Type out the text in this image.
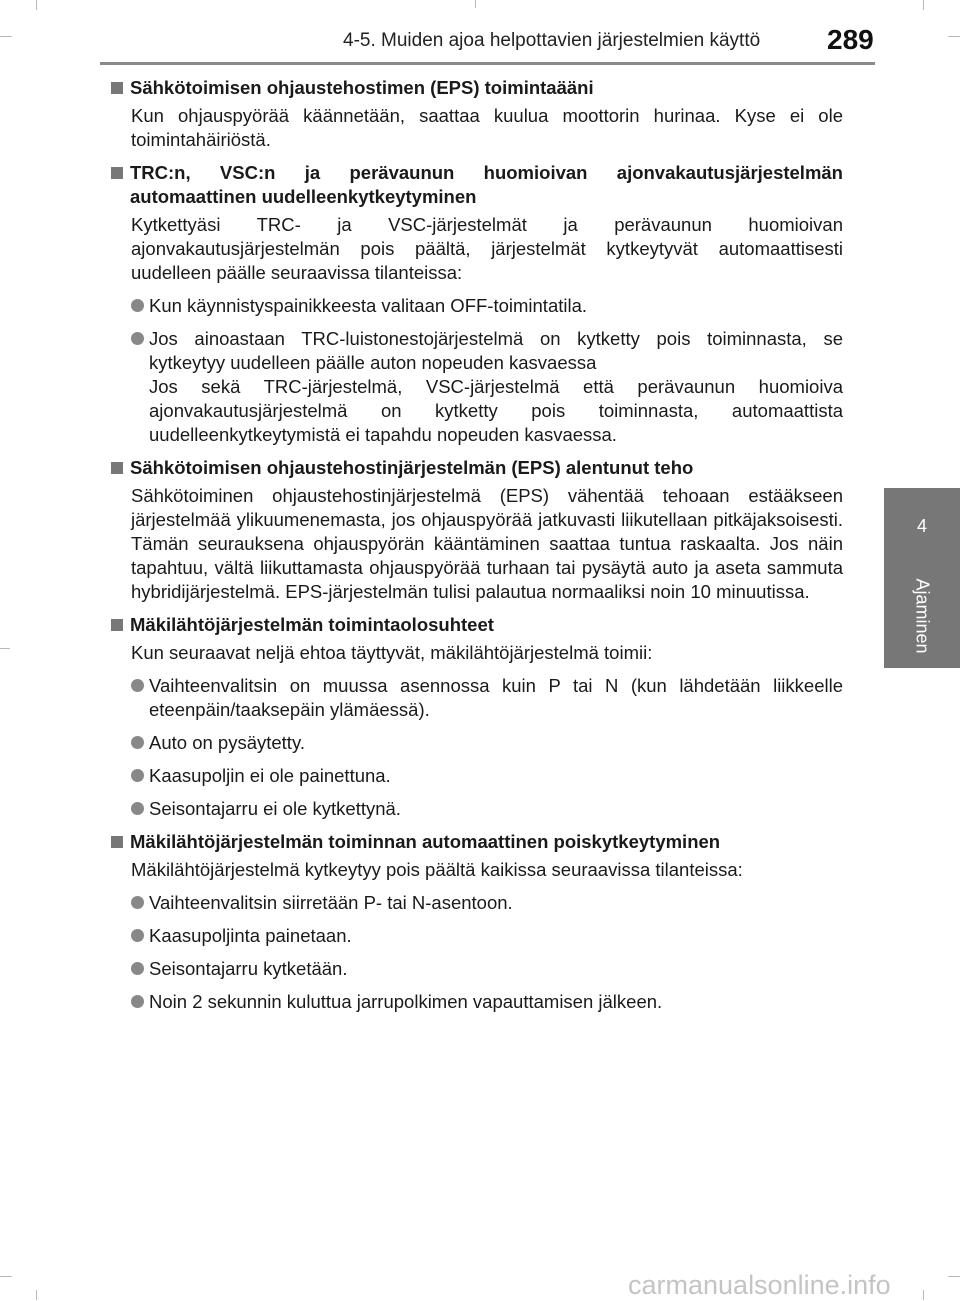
4-5. Muiden ajoa helpottavien järjestelmien käyttö 289
4
Ajaminen
Sähkötoimisen ohjaustehostimen (EPS) toimintaääni
Kun ohjauspyörää käännetään, saattaa kuulua moottorin hurinaa. Kyse ei ole toimintahäiriöstä.
TRC:n, VSC:n ja perävaunun huomioivan ajonvakautusjärjestelmän automaattinen uudelleenkytkeytyminen
Kytkettyäsi TRC- ja VSC-järjestelmät ja perävaunun huomioivan ajonvakautusjärjestelmän pois päältä, järjestelmät kytkeytyvät automaattisesti uudelleen päälle seuraavissa tilanteissa:
Kun käynnistyspainikkeesta valitaan OFF-toimintatila.
Jos ainoastaan TRC-luistonestojärjestelmä on kytketty pois toiminnasta, se kytkeytyy uudelleen päälle auton nopeuden kasvaessa
Jos sekä TRC-järjestelmä, VSC-järjestelmä että perävaunun huomioiva ajonvakautusjärjestelmä on kytketty pois toiminnasta, automaattista uudelleenkytkeytymistä ei tapahdu nopeuden kasvaessa.
Sähkötoimisen ohjaustehostinjärjestelmän (EPS) alentunut teho
Sähkötoiminen ohjaustehostinjärjestelmä (EPS) vähentää tehoaan estääkseen järjestelmää ylikuumenemasta, jos ohjauspyörää jatkuvasti liikutellaan pitkäjaksoisesti. Tämän seurauksena ohjauspyörän kääntäminen saattaa tuntua raskaalta. Jos näin tapahtuu, vältä liikuttamasta ohjauspyörää turhaan tai pysäytä auto ja aseta sammuta hybridijärjestelmä. EPS-järjestelmän tulisi palautua normaaliksi noin 10 minuutissa.
Mäkilähtöjärjestelmän toimintaolosuhteet
Kun seuraavat neljä ehtoa täyttyvät, mäkilähtöjärjestelmä toimii:
Vaihteenvalitsin on muussa asennossa kuin P tai N (kun lähdetään liikkeelle eteenpäin/taaksepäin ylämäessä).
Auto on pysäytetty.
Kaasupoljin ei ole painettuna.
Seisontajarru ei ole kytkettynä.
Mäkilähtöjärjestelmän toiminnan automaattinen poiskytkeytyminen
Mäkilähtöjärjestelmä kytkeytyy pois päältä kaikissa seuraavissa tilanteissa:
Vaihteenvalitsin siirretään P- tai N-asentoon.
Kaasupoljinta painetaan.
Seisontajarru kytketään.
Noin 2 sekunnin kuluttua jarrupolkimen vapauttamisen jälkeen.
carmanualsonline.info
